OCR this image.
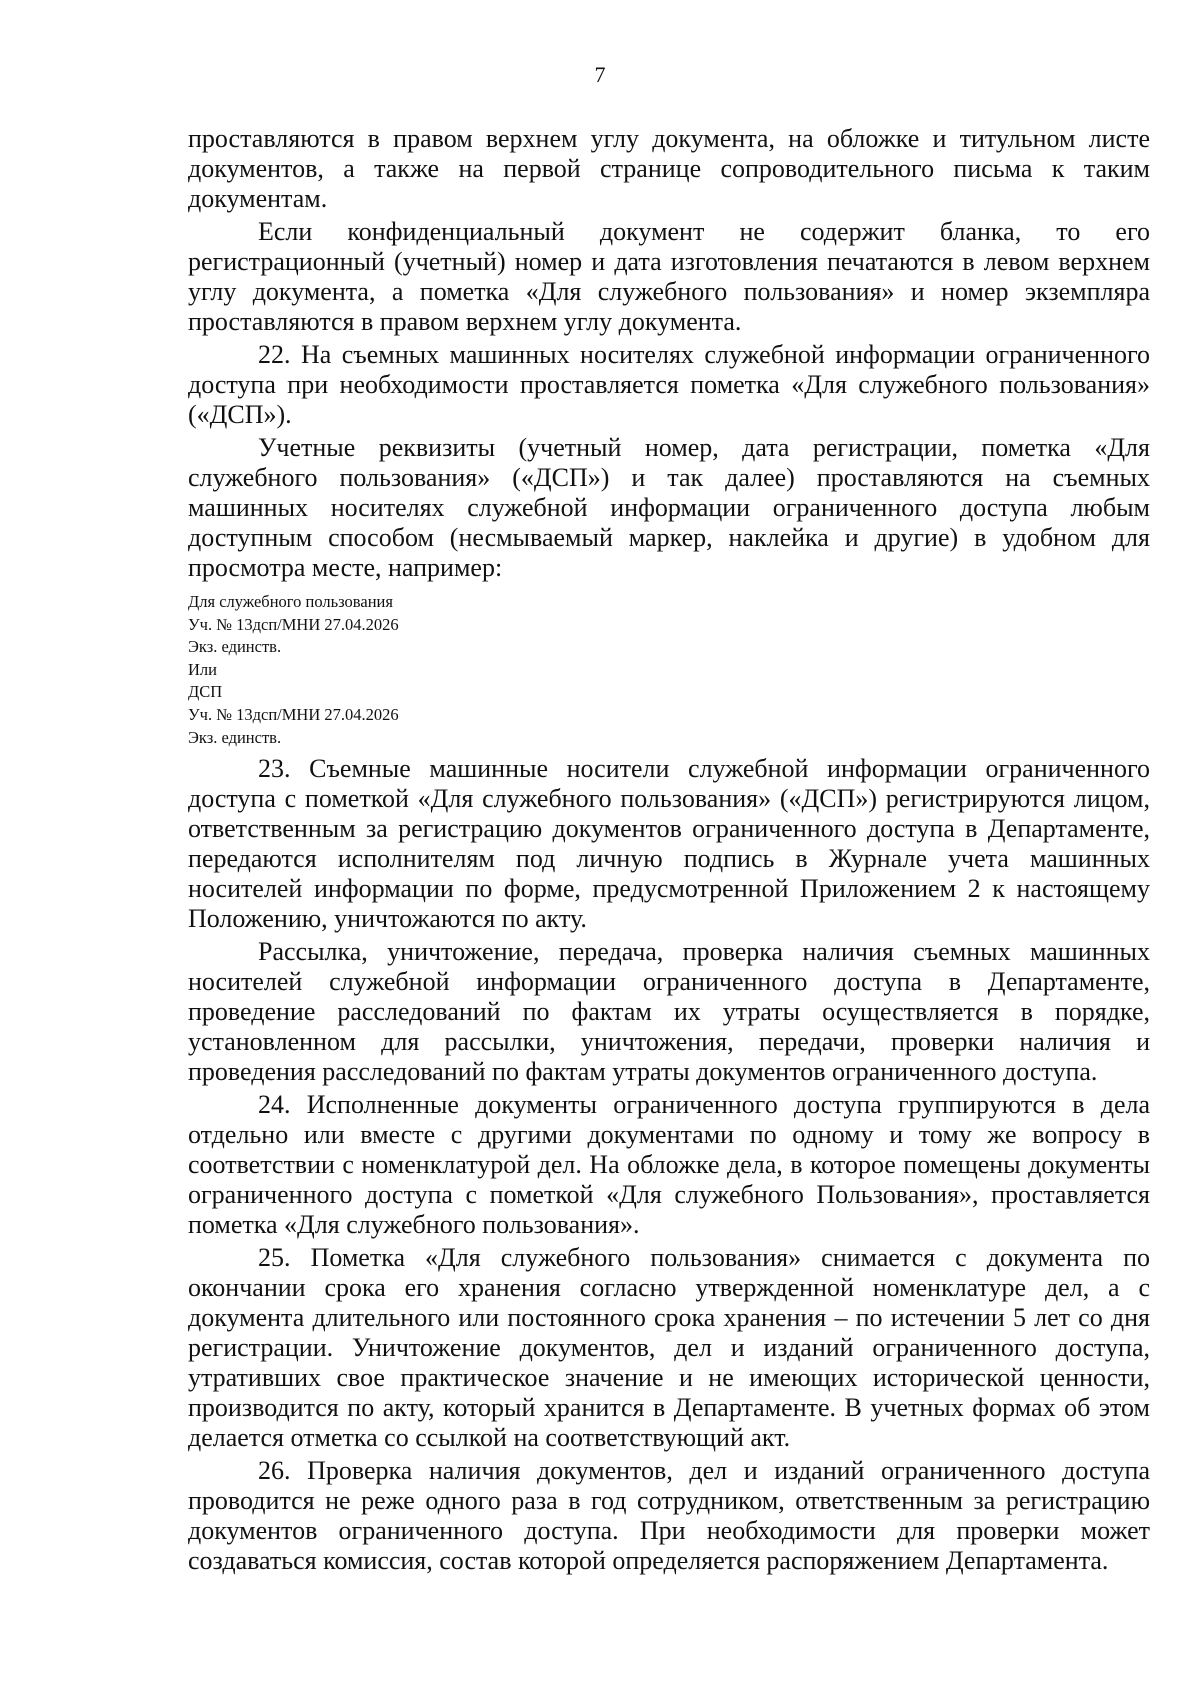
7

проставляются в правом верхнем углу документа, на обложке и титульном листе документов, а также на первой странице сопроводительного письма к таким документам.

Если конфиденциальный документ не содержит бланка, то его регистрационный (учетный) номер и дата изготовления печатаются в левом верхнем углу документа, а пометка «Для служебного пользования» и номер экземпляра проставляются в правом верхнем углу документа.

22. На съемных машинных носителях служебной информации ограниченного доступа при необходимости проставляется пометка «Для служебного пользования» («ДСП»).

Учетные реквизиты (учетный номер, дата регистрации, пометка «Для служебного пользования» («ДСП») и так далее) проставляются на съемных машинных носителях служебной информации ограниченного доступа любым доступным способом (несмываемый маркер, наклейка и другие) в удобном для просмотра месте, например:

Для служебного пользования
Уч. № 13дсп/МНИ 27.04.2026
Экз. единств.
Или
ДСП
Уч. № 13дсп/МНИ 27.04.2026
Экз. единств.

23. Съемные машинные носители служебной информации ограниченного доступа с пометкой «Для служебного пользования» («ДСП») регистрируются лицом, ответственным за регистрацию документов ограниченного доступа в Департаменте, передаются исполнителям под личную подпись в Журнале учета машинных носителей информации по форме, предусмотренной Приложением 2 к настоящему Положению, уничтожаются по акту.

Рассылка, уничтожение, передача, проверка наличия съемных машинных носителей служебной информации ограниченного доступа в Департаменте, проведение расследований по фактам их утраты осуществляется в порядке, установленном для рассылки, уничтожения, передачи, проверки наличия и проведения расследований по фактам утраты документов ограниченного доступа.

24. Исполненные документы ограниченного доступа группируются в дела отдельно или вместе с другими документами по одному и тому же вопросу в соответствии с номенклатурой дел. На обложке дела, в которое помещены документы ограниченного доступа с пометкой «Для служебного Пользования», проставляется пометка «Для служебного пользования».

25. Пометка «Для служебного пользования» снимается с документа по окончании срока его хранения согласно утвержденной номенклатуре дел, а с документа длительного или постоянного срока хранения – по истечении 5 лет со дня регистрации. Уничтожение документов, дел и изданий ограниченного доступа, утративших свое практическое значение и не имеющих исторической ценности, производится по акту, который хранится в Департаменте. В учетных формах об этом делается отметка со ссылкой на соответствующий акт.

26. Проверка наличия документов, дел и изданий ограниченного доступа проводится не реже одного раза в год сотрудником, ответственным за регистрацию документов ограниченного доступа. При необходимости для проверки может создаваться комиссия, состав которой определяется распоряжением Департамента.
